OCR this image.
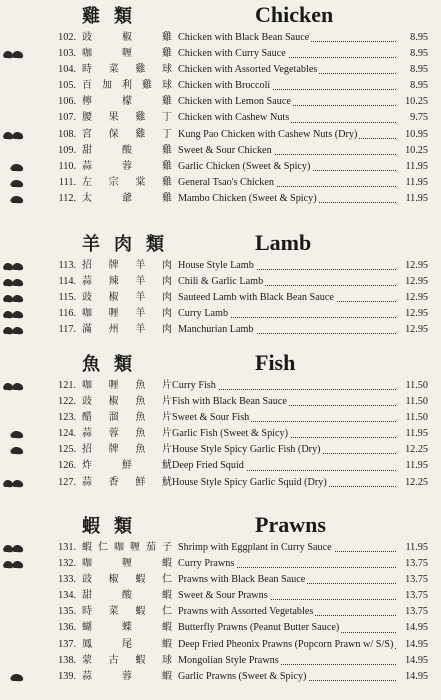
雞類	Chicken
102. 豉	椒	雞 Chicken with Black Bean Sauce	8.95
103. 咖	喱	雞 Chicken with Curry Sauce	8.95
104. 時 菜 雞 球 Chicken with Assorted Vegetables	8.95
105. 百 加 利 雞 球 Chicken with Broccoli	8.95
106. 檸	檬	雞 Chicken with Lemon Sauce	10.25
107. 腰 果 雞 丁 Chicken with Cashew Nuts	9.75
108. 宮 保 雞 丁 Kung Pao Chicken with Cashew Nuts (Dry)	10.95
109. 甜	酸	雞 Sweet & Sour Chicken	10.25
110. 蒜	蓉	雞 Garlic Chicken (Sweet & Spicy)	11.95
111. 左 宗 棠 雞 General Tsao's Chicken	11.95
112. 太	爺	雞 Mambo Chicken (Sweet & Spicy)	11.95
羊肉類	Lamb
113. 招 牌 羊 肉 House Style Lamb	12.95
114. 蒜 辣 羊 肉 Chili & Garlic Lamb	12.95
115. 豉 椒 羊 肉 Sauteed Lamb with Black Bean Sauce	12.95
116. 咖 喱 羊 肉 Curry Lamb	12.95
117. 滿 州 羊 肉 Manchurian Lamb	12.95
魚類	Fish
121. 咖 喱 魚 片 Curry Fish	11.50
122. 豉 椒 魚 片 Fish with Black Bean Sauce	11.50
123. 醋 溜 魚 片 Sweet & Sour Fish	11.50
124. 蒜 蓉 魚 片 Garlic Fish (Sweet & Spicy)	11.95
125. 招 牌 魚 片 House Style Spicy Garlic Fish (Dry)	12.25
126. 炸	鮮	魷 Deep Fried Squid	11.95
127. 蒜 香 鮮 魷 House Style Spicy Garlic Squid (Dry)	12.25
蝦類	Prawns
131. 蝦 仁 咖 喱 茄 子 Shrimp with Eggplant in Curry Sauce	11.95
132. 咖	喱	蝦 Curry Prawns	13.75
133. 豉 椒 蝦 仁 Prawns with Black Bean Sauce	13.75
134. 甜	酸	蝦 Sweet & Sour Prawns	13.75
135. 時 菜 蝦 仁 Prawns with Assorted Vegetables	13.75
136. 蝴	蝶	蝦 Butterfly Prawns (Peanut Butter Sauce)	14.95
137. 鳳	尾	蝦 Deep Fried Pheonix Prawns (Popcorn Prawn w/ S/S)	14.95
138. 蒙 古 蝦 球 Mongolian Style Prawns	14.95
139. 蒜	蓉	蝦 Garlic Prawns (Sweet & Spicy)	14.95
